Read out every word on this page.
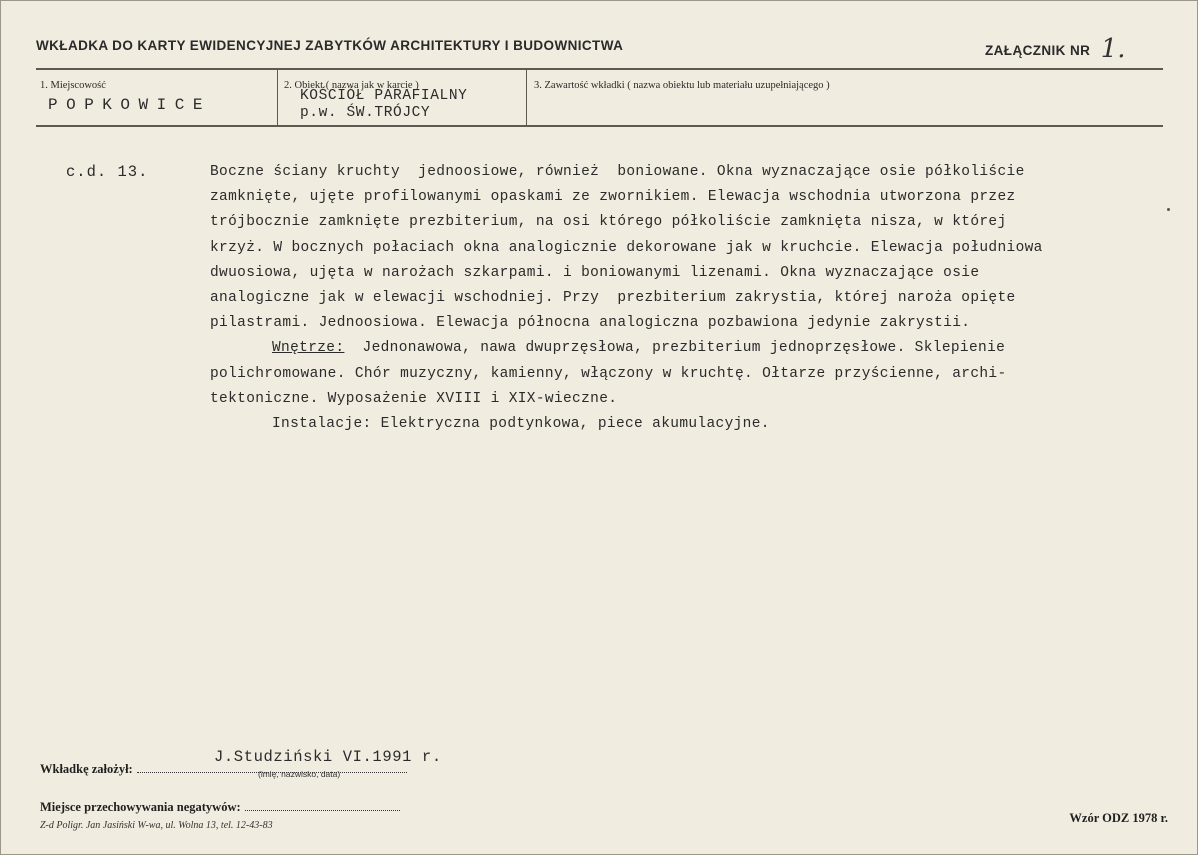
WKŁADKA DO KARTY EWIDENCYJNEJ ZABYTKÓW ARCHITEKTURY I BUDOWNICTWA	ZAŁĄCZNIK NR 1.
1. Miejscowość
POPKOWICE
2. Obiekt ( nazwa jak w karcie )
KOŚCIÓŁ PARAFIALNY
p.w. ŚW.TRÓJCY
3. Zawartość wkładki ( nazwa obiektu lub materiału uzupełniającego )
c.d. 13.	Boczne ściany kruchty  jednoosiowe, również  boniowane. Okna wyznaczające osie półkoliście
zamknięte, ujęte profilowanymi opaskami ze zwornikiem. Elewacja wschodnia utworzona przez
trójbocznie zamknięte prezbiterium, na osi którego półkoliście zamknięta nisza, w której
krzyż. W bocznych połaciach okna analogicznie dekorowane jak w kruchcie. Elewacja południowa
dwuosiowa, ujęta w narożach szkarpami. i boniowanymi lizenami. Okna wyznaczające osie
analogiczne jak w elewacji wschodniej. Przy  prezbiterium zakrystia, której naroża opięte
pilastrami. Jednoosiowa. Elewacja północna analogiczna pozbawiona jedynie zakrystii.
Wnętrze: Jednonawowa, nawa dwuprzęsłowa, prezbiterium jednoprzęsłowe. Sklepienie
polichromowane. Chór muzyczny, kamienny, włączony w kruchtę. Ołtarze przyścienne, archi-
tektoniczne. Wyposażenie XVIII i XIX-wieczne.
Instalacje: Elektryczna podtynkowa, piece akumulacyjne.
J.Studziński VI.1991 r.
Wkładkę założył:	(imię, nazwisko, data)
Miejsce przechowywania negatywów:
Z-d Poligr. Jan Jasiński W-wa, ul. Wolna 13, tel. 12-43-83
Wzór ODZ 1978 r.
